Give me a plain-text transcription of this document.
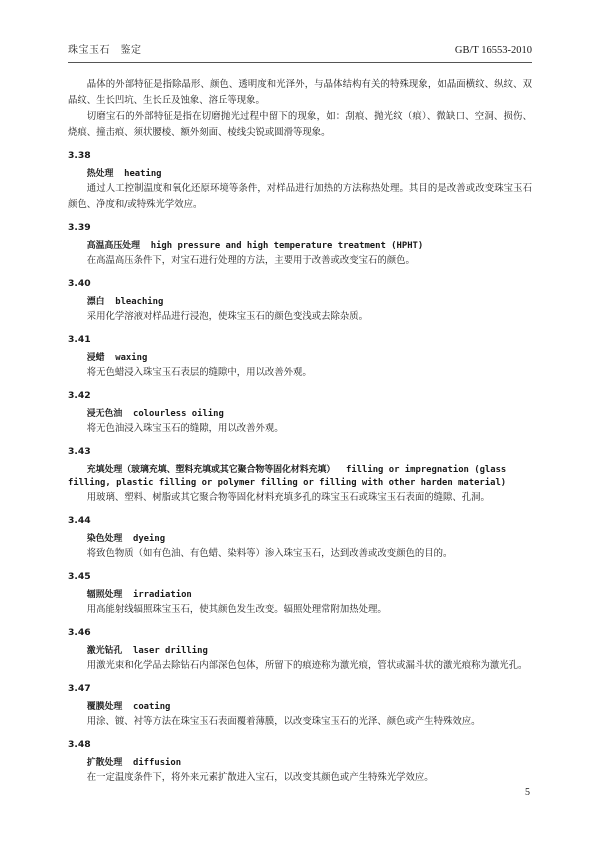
珠宝玉石　鉴定	GB/T 16553-2010

晶体的外部特征是指除晶形、颜色、透明度和光泽外，与晶体结构有关的特殊现象，如晶面横纹、纵纹、双晶纹、生长凹坑、生长丘及蚀象、溶丘等现象。

切磨宝石的外部特征是指在切磨抛光过程中留下的现象，如：刮痕、抛光纹（痕）、微缺口、空洞、损伤、烧痕、撞击痕、须状腰棱、额外刻面、棱线尖锐或圆滑等现象。

3.38

热处理 heating

通过人工控制温度和氧化还原环境等条件，对样品进行加热的方法称热处理。其目的是改善或改变珠宝玉石颜色、净度和/或特殊光学效应。

3.39

高温高压处理 high pressure and high temperature treatment (HPHT)

在高温高压条件下，对宝石进行处理的方法，主要用于改善或改变宝石的颜色。

3.40

漂白 bleaching

采用化学溶液对样品进行浸泡，使珠宝玉石的颜色变浅或去除杂质。

3.41

浸蜡 waxing

将无色蜡浸入珠宝玉石表层的缝隙中，用以改善外观。

3.42

浸无色油 colourless oiling

将无色油浸入珠宝玉石的缝隙，用以改善外观。

3.43

充填处理（玻璃充填、塑料充填或其它聚合物等固化材料充填） filling or impregnation (glass filling, plastic filling or polymer filling or filling with other harden material)

用玻璃、塑料、树脂或其它聚合物等固化材料充填多孔的珠宝玉石或珠宝玉石表面的缝隙、孔洞。

3.44

染色处理 dyeing

将致色物质（如有色油、有色蜡、染料等）渗入珠宝玉石，达到改善或改变颜色的目的。

3.45

辐照处理 irradiation

用高能射线辐照珠宝玉石，使其颜色发生改变。辐照处理常附加热处理。

3.46

激光钻孔 laser drilling

用激光束和化学品去除钻石内部深色包体，所留下的痕迹称为激光痕，管状或漏斗状的激光痕称为激光孔。

3.47

覆膜处理 coating

用涂、镀、衬等方法在珠宝玉石表面覆着薄膜，以改变珠宝玉石的光泽、颜色或产生特殊效应。

3.48

扩散处理 diffusion

在一定温度条件下，将外来元素扩散进入宝石，以改变其颜色或产生特殊光学效应。

5
